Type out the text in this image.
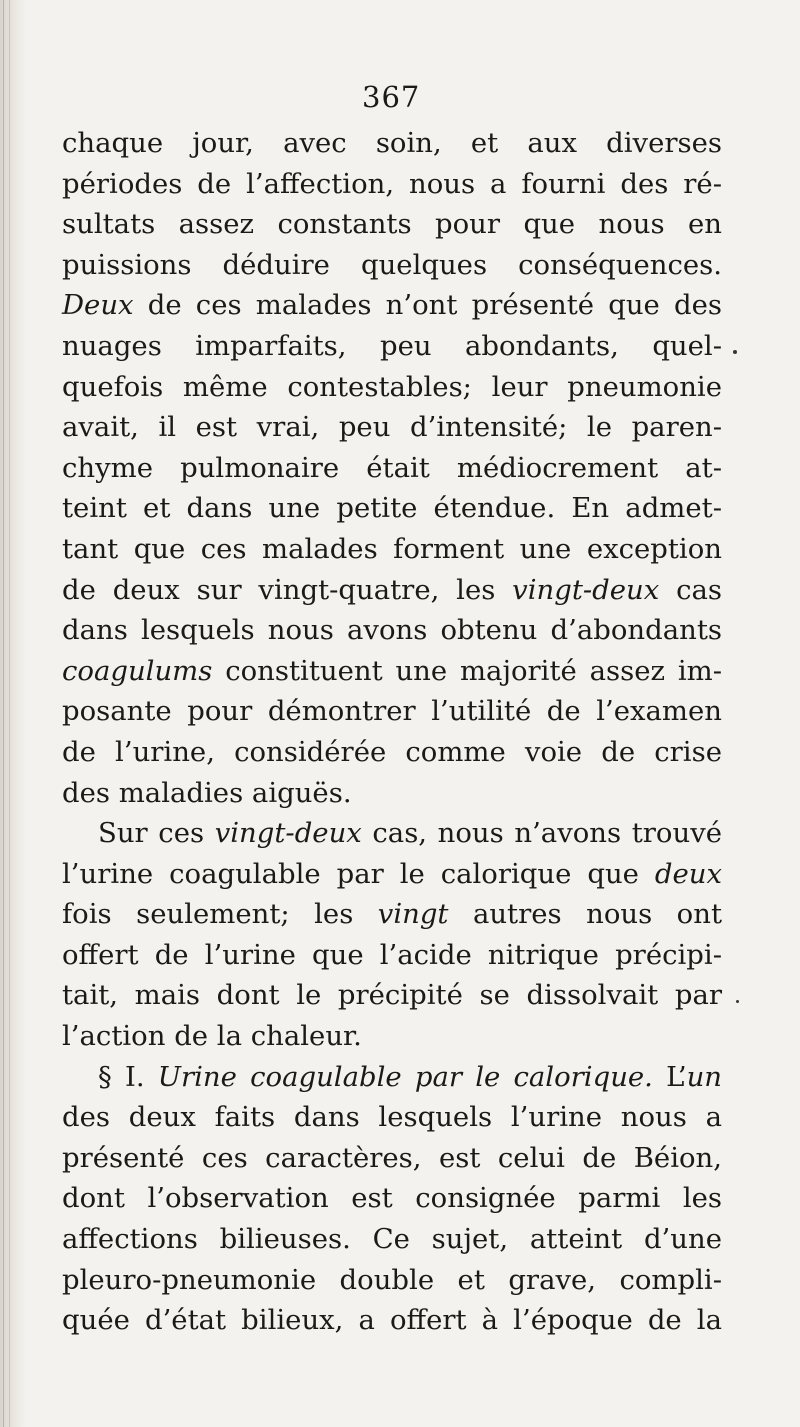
367
chaque jour, avec soin, et aux diverses
périodes de l’affection, nous a fourni des ré-
sultats assez constants pour que nous en
puissions déduire quelques conséquences.
Deux de ces malades n’ont présenté que des
nuages imparfaits, peu abondants, quel-
quefois même contestables; leur pneumonie
avait, il est vrai, peu d’intensité; le paren-
chyme pulmonaire était médiocrement at-
teint et dans une petite étendue. En admet-
tant que ces malades forment une exception
de deux sur vingt-quatre, les vingt-deux cas
dans lesquels nous avons obtenu d’abondants
coagulums constituent une majorité assez im-
posante pour démontrer l’utilité de l’examen
de l’urine, considérée comme voie de crise
des maladies aiguës.
Sur ces vingt-deux cas, nous n’avons trouvé
l’urine coagulable par le calorique que deux
fois seulement; les vingt autres nous ont
offert de l’urine que l’acide nitrique précipi-
tait, mais dont le précipité se dissolvait par
l’action de la chaleur.
§ I. Urine coagulable par le calorique. L’un
des deux faits dans lesquels l’urine nous a
présenté ces caractères, est celui de Béion,
dont l’observation est consignée parmi les
affections bilieuses. Ce sujet, atteint d’une
pleuro-pneumonie double et grave, compli-
quée d’état bilieux, a offert à l’époque de la
